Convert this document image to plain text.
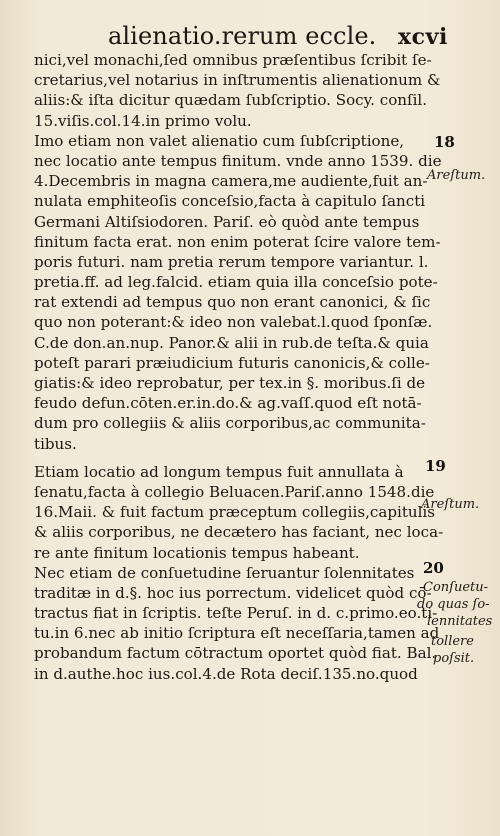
alienatio.rerum eccle. xcvi
nici,vel monachi,ſed omnibus præſentibus ſcribit ſe-
cretarius,vel notarius in inſtrumentis alienationum &
aliis:& iſta dicitur quædam ſubſcriptio. Socy. conſil.
15.viſis.col.14.in primo volu.
Imo etiam non valet alienatio cum ſubſcriptione,
nec locatio ante tempus finitum. vnde anno 1539. die
4.Decembris in magna camera,me audiente,fuit an-
nulata emphiteoſis conceſsio,facta à capitulo ſancti
Germani Altiſsiodoren. Pariſ. eò quòd ante tempus
finitum facta erat. non enim poterat ſcire valore tem-
poris futuri. nam pretia rerum tempore variantur. l.
pretia.ff. ad leg.falcid. etiam quia illa conceſsio pote-
rat extendi ad tempus quo non erant canonici, & ſic
quo non poterant:& ideo non valebat.l.quod ſponſæ.
C.de don.an.nup. Panor.& alii in rub.de teſta.& quia
poteſt parari præiudicium futuris canonicis,& colle-
giatis:& ideo reprobatur, per tex.in §. moribus.ſi de
feudo defun.cōten.er.in.do.& ag.vaſſ.quod eſt notā-
dum pro collegiis & aliis corporibus,ac communita-
tibus.
Etiam locatio ad longum tempus fuit annullata à
ſenatu,facta à collegio Beluacen.Pariſ.anno 1548.die
16.Maii. & fuit factum præceptum collegiis,capitulis
& aliis corporibus, ne decætero has faciant, nec loca-
re ante finitum locationis tempus habeant.
Nec etiam de conſuetudine ſeruantur ſolennitates
traditæ in d.§. hoc ius porrectum. videlicet quòd cō-
tractus fiat in ſcriptis. teſte Peruſ. in d. c.primo.eo.ti-
tu.in 6.nec ab initio ſcriptura eſt neceſſaria,tamen ad
probandum factum cōtractum oportet quòd fiat. Bal.
in d.authe.hoc ius.col.4.de Rota deciſ.135.no.quod
18
Areſtum.
19
Areſtum.
20
Conſuetu-
do quas ſo-
lennitates
tollere
poſsit.
